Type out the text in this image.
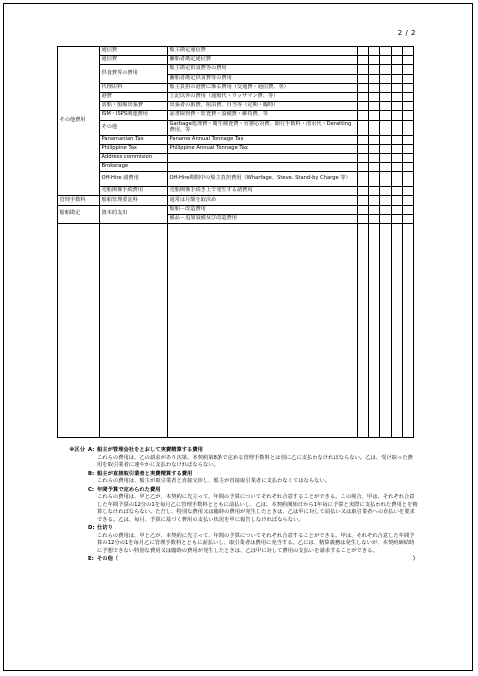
2 / 2
その他費用	通信費	船主勘定通信費					
	通信費	傭船者勘定通信費					
	供食費等の費用	船主勘定供食費等の費用					
		傭船者勘定供食費等の費用					
	代理店料	船主負担の港費に係る費用（交通費・通信費、等）					
	港費	上記以外の費用（通船代・ウッサマン費、等）					
	訪船・船舶出張費	出張者の旅費、宿泊費、日当等（定期・臨時）					
	ISM・ISPS関連費用	証書取得費・監査費・設備費・維持費、等					
	その他	Garbage処理費・衛生検査費・官憲応対費、銀行手数料・清水代・Deratting費用、等					
	Panamanian Tax	Paname Annual Tonnage Tax					
	Philippine Tax	Philippine Annual Tonnage Tax					
	Address commision						
	Brokerage						
	Off-Hire 諸費用	Off-Hire期間中の船主負担費用（Wharfage、Steve. Stand-by Charge 等）					
	売船関係手続費用	売船関係手続き上で発生する諸費用					
管理手数料	船舶管理委託料	通常は月額を取決め					
船舶勘定	資本的支出	船舶－改造費用					
		備品－追加設備及び改造費用					

※区分 A: 船主が管理会社をとおして実費精算する費用
これらの費用は、乙の請求があり次第、本契約第8条で定める管理手数料とは別に乙に支払わなければならない。乙は、受け取った費用を取引業者に速やかに支払わなければならない。
B: 船主が直接取引業者と実費精算する費用
これらの費用は、船主が取引業者と直接交渉し、船主が直接取引業者に支払わなくてはならない。
C: 年間予算で定められた費用
これらの費用は、甲と乙が、本契約に先立って、年間の予算についてそれぞれ合意することができる。この場合、甲は、それぞれ合意した年間予算の12分の1を毎月乙に管理手数料とともに前払いし、乙は、本契約開始日から1年毎に予算と実際に支払われた費用とを精算しなければならない。ただし、特別な費用又は臨時の費用が発生したときは、乙は甲に対して前払い又は取引業者への直払いを要求できる。乙は、毎月、予算に基づく費用の支払い状況を甲に報告しなければならない。
D: 仕切り
これらの費用は、甲と乙が、本契約に先立って、年間の予算についてそれぞれ合意することができる。甲は、それぞれ合意した年間予算の12分の1を毎月乙に管理手数料とともに前払いし、取引業者は費用に充当する。乙には、精算義務は発生しないが、本契約締結時に予想できない特別な費用又は臨時の費用が発生したときは、乙は甲に対して費用の支払いを請求することができる。
E: その他（	）
